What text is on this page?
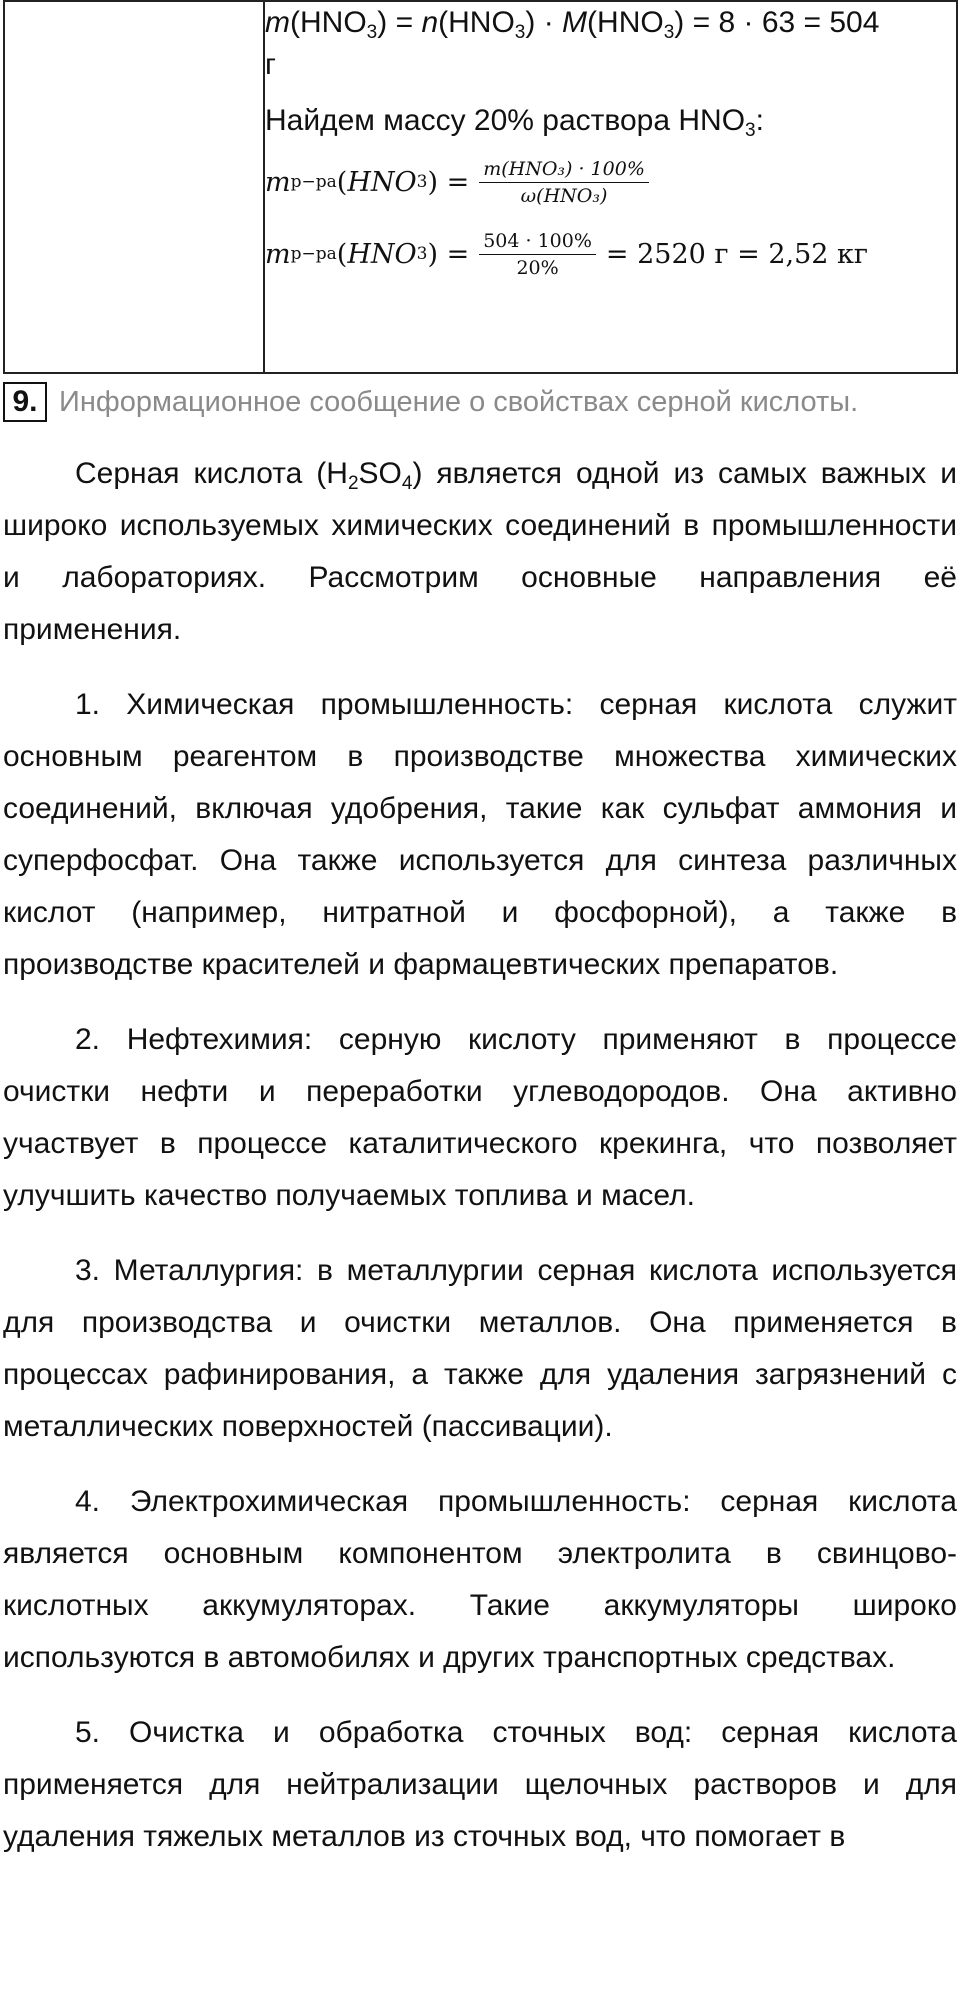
$m(HNO_3) = n(HNO_3) \cdot M(HNO_3) = 8 \cdot 63 = 504$
г
Найдем массу 20% раствора $HNO_3$:
m р−ра ( HNO 3 ) = $\frac{\text{m(HNO₃) · 100\%}}{\text{ω(HNO₃)}}$
m р−ра ( HNO 3 ) = $\frac{504 \cdot 100\%}{20\%} = 2520$ г = 2,52 кг
9. Информационное сообщение о свойствах серной кислоты.

Серная кислота $(H_2SO_4)$ является одной из самых важных и широко используемых химических соединений в промышленности и лабораториях. Рассмотрим основные направления её применения.

1. Химическая промышленность: серная кислота служит основным реагентом в производстве множества химических соединений, включая удобрения, такие как сульфат аммония и суперфосфат. Она также используется для синтеза различных кислот (например, нитратной и фосфорной), а также в производстве красителей и фармацевтических препаратов.

2. Нефтехимия: серную кислоту применяют в процессе очистки нефти и переработки углеводородов. Она активно участвует в процессе каталитического крекинга, что позволяет улучшить качество получаемых топлива и масел.

3. Металлургия: в металлургии серная кислота используется для производства и очистки металлов. Она применяется в процессах рафинирования, а также для удаления загрязнений с металлических поверхностей (пассивации).

4. Электрохимическая промышленность: серная кислота является основным компонентом электролита в свинцово-кислотных аккумуляторах. Такие аккумуляторы широко используются в автомобилях и других транспортных средствах.

5. Очистка и обработка сточных вод: серная кислота применяется для нейтрализации щелочных растворов и для удаления тяжелых металлов из сточных вод, что помогает в
